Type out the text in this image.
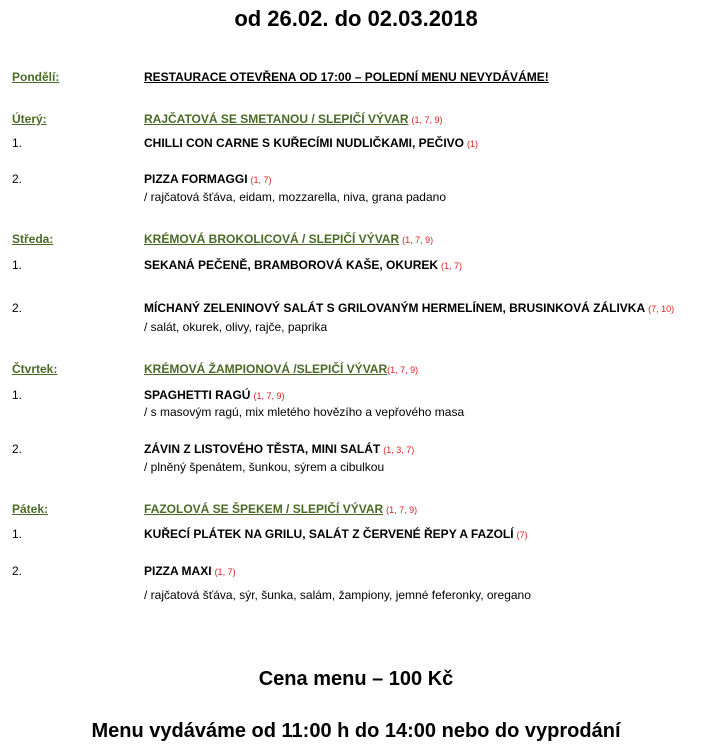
od 26.02. do 02.03.2018
Pondělí:	RESTAURACE OTEVŘENA OD 17:00 – POLEDNÍ MENU NEVYDÁVÁME!
Úterý:	RAJČATOVÁ SE SMETANOU / SLEPIČÍ VÝVAR (1, 7, 9)
1.	CHILLI CON CARNE S KUŘECÍMI NUDLIČKAMI, PEČIVO (1)
2.	PIZZA FORMAGGI (1, 7)
/ rajčatová šťáva, eidam, mozzarella, niva, grana padano
Středa:	KRÉMOVÁ BROKOLICOVÁ / SLEPIČÍ VÝVAR (1, 7, 9)
1.	SEKANÁ PEČENĚ, BRAMBOROVÁ KAŠE, OKUREK (1, 7)
2.	MÍCHANÝ ZELENINOVÝ SALÁT S GRILOVANÝM HERMELÍNEM, BRUSINKOVÁ ZÁLIVKA (7, 10)
/ salát, okurek, olivy, rajče, paprika
Čtvrtek:	KRÉMOVÁ ŽAMPIONOVÁ /SLEPIČÍ VÝVAR(1, 7, 9)
1.	SPAGHETTI RAGÚ (1, 7, 9)
/ s masovým ragú, mix mletého hovězího a vepřového masa
2.	ZÁVIN Z LISTOVÉHO TĚSTA, MINI SALÁT (1, 3, 7)
/ plněný špenátem, šunkou, sýrem a cibulkou
Pátek:	FAZOLOVÁ SE ŠPEKEM / SLEPIČÍ VÝVAR (1, 7, 9)
1.	KUŘECÍ PLÁTEK NA GRILU, SALÁT Z ČERVENÉ ŘEPY A FAZOLÍ (7)
2.	PIZZA MAXI (1, 7)
/ rajčatová šťáva, sýr, šunka, salám, žampiony, jemné feferonky, oregano
Cena menu – 100 Kč
Menu vydáváme od 11:00 h do 14:00 nebo do vyprodání
